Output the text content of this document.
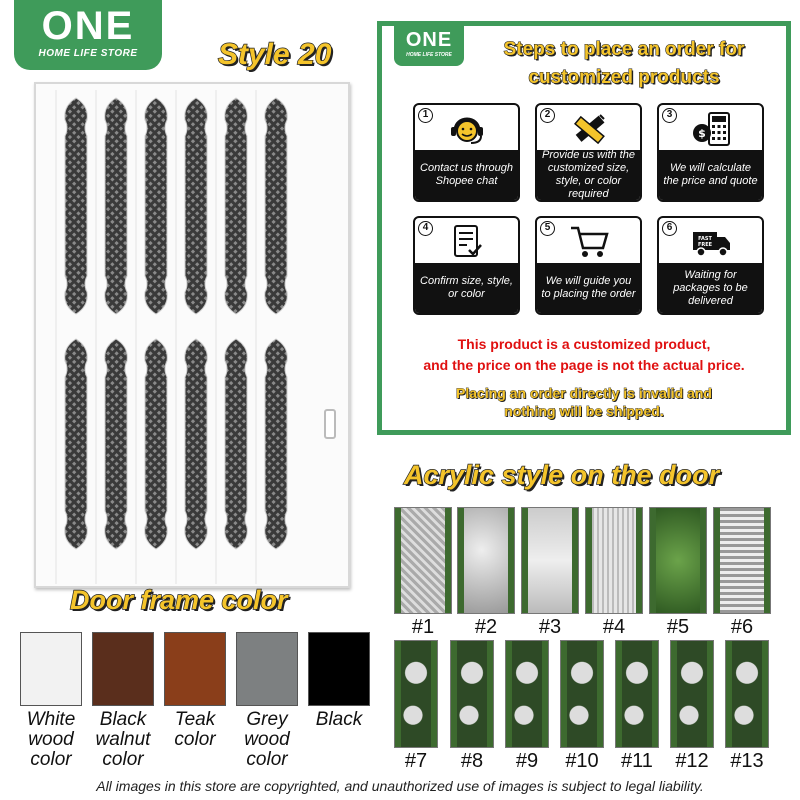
ONE
HOME LIFE STORE	Style 20	ONE
HOME LIFE STORE	Steps to place an order for
customized products
1
Contact us through Shopee chat
2
Provide us with the customized size, style, or color required
3
$
We will calculate the price and quote
4
Confirm size, style, or color
5
We will guide you to placing the order
6
FAST
FREE
Waiting for packages to be delivered
This product is a customized product,
and the price on the page is not the actual price.
Placing an order directly is invalid and
nothing will be shipped.
Acrylic style on the door
#1	#2	#3	#4	#5	#6
#7	#8	#9	#10	#11	#12	#13
Door frame color
White wood color
Black walnut color
Teak color
Grey wood color
Black
All images in this store are copyrighted, and unauthorized use of images is subject to legal liability.
